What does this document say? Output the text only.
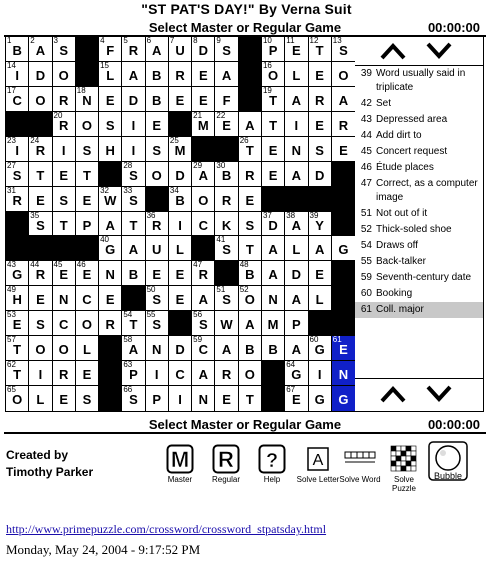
"ST PAT'S DAY!" By Verna Suit
Select Master or Regular Game	00:00:00
1
B
2
A
3
S
4
F
5
R
6
A
7
U
8
D
9
S
10
P
11
E
12
T
13
S
14
I	D	O
15
L	A	B	R	E	A
16
O	L	E	O
17
C	O	R
18
N	E	D	B	E	E	F
19
T	A	R	A
20
R	O	S	I	E
21
M
22
E	A	T	I	E	R
23
I
24
R	I	S	H	I	S
25
M
26
T	E	N	S	E
27
S	T	E	T
28
S	O	D
29
A
30
B	R	E	A	D
31
R	E	S	E
32
W
33
S
34
B	O	R	E
35
S	T	P	A	T
36
R	I	C	K	S
37
D
38
A
39
Y
40
G	A	U	L
41
S	T	A	L	A	G
43
G
44
R
45
E
46
E	N	B	E	E
47
R
48
B	A	D	E
49
H	E	N	C	E
50
S	E	A
51
S
52
O	N	A	L
53
E	S	C	O	R
54
T
55
S
56
S W A	M	P
57
T	O	O	L
58
A	N	D
59
C	A	B	B	A
60
G
61
E
62
T	I	R	E
63
P	I	C	A	R	O
64
G	I	N
65
O	L	E	S
66
S	P	I	N	E	T
67
E	G	G
39 Word usually said in triplicate
42 Set
43 Depressed area
44 Add dirt to
45 Concert request
46 Étude places
47 Correct, as a computer image
51 Not out of it
52 Thick-soled shoe
54 Draws off
55 Back-talker
59 Seventh-century date
60 Booking
61 Coll. major
Select Master or Regular Game	00:00:00
Created by
Timothy Parker	M
Master
R
Regular
?
Help
A
Solve Letter Solve Word	Solve Puzzle
Bubble
http://www.primepuzzle.com/crossword/crossword_stpatsday.html
Monday, May 24, 2004 - 9:17:52 PM
